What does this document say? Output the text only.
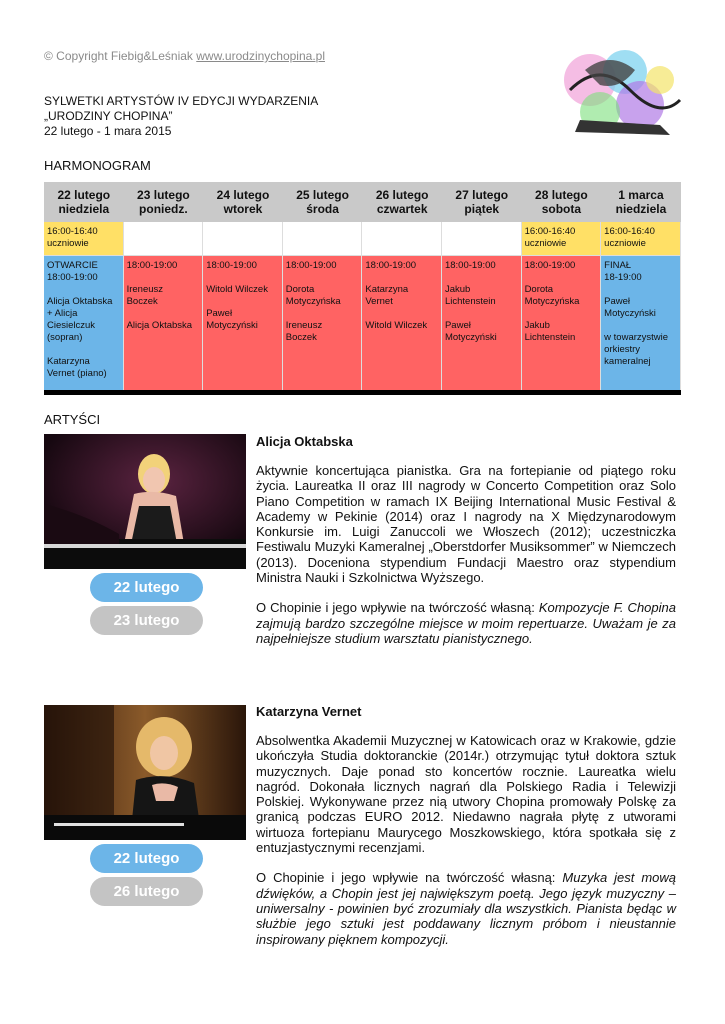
© Copyright Fiebig&Leśniak www.urodzinychopina.pl
SYLWETKI ARTYSTÓW IV EDYCJI WYDARZENIA
„URODZINY CHOPINA”
22 lutego - 1 mara 2015
HARMONOGRAM
22 lutego
niedziela
23 lutego
poniedz.
24 lutego
wtorek
25 lutego
środa
26 lutego
czwartek
27 lutego
piątek
28 lutego
sobota
1 marca
niedziela
16:00-16:40
uczniowie
16:00-16:40
uczniowie
16:00-16:40
uczniowie
OTWARCIE
18:00-19:00

Alicja Oktabska
+ Alicja
Ciesielczuk
(sopran)

Katarzyna
Vernet (piano)
18:00-19:00

Ireneusz
Boczek

Alicja Oktabska
18:00-19:00

Witold Wilczek

Paweł
Motyczyński
18:00-19:00

Dorota
Motyczyńska

Ireneusz
Boczek
18:00-19:00

Katarzyna
Vernet

Witold Wilczek
18:00-19:00

Jakub
Lichtenstein

Paweł
Motyczyński
18:00-19:00

Dorota
Motyczyńska

Jakub
Lichtenstein
FINAŁ
18-19:00

Paweł
Motyczyński

w towarzystwie
orkiestry
kameralnej
ARTYŚCI
22 lutego
23 lutego
Alicja Oktabska

Aktywnie koncertująca pianistka. Gra na fortepianie od piątego roku życia. Laureatka II oraz III nagrody w Concerto Competition oraz Solo Piano Competition w ramach IX Beijing International Music Festival & Academy w Pekinie (2014) oraz I nagrody na X Międzynarodowym Konkursie im. Luigi Zanuccoli we Włoszech (2012); uczestniczka Festiwalu Muzyki Kameralnej „Oberstdorfer Musiksommer” w Niemczech (2013). Doceniona stypendium Fundacji Maestro oraz stypendium Ministra Nauki i Szkolnictwa Wyższego.

O Chopinie i jego wpływie na twórczość własną: Kompozycje F. Chopina zajmują bardzo szczególne miejsce w moim repertuarze. Uważam je za najpełniejsze studium warsztatu pianistycznego.

22 lutego
26 lutego
Katarzyna Vernet

Absolwentka Akademii Muzycznej w Katowicach oraz w Krakowie, gdzie ukończyła Studia doktoranckie (2014r.) otrzymując tytuł doktora sztuk muzycznych. Daje ponad sto koncertów rocznie. Laureatka wielu nagród. Dokonała licznych nagrań dla Polskiego Radia i Telewizji Polskiej. Wykonywane przez nią utwory Chopina promowały Polskę za granicą podczas EURO 2012. Niedawno nagrała płytę z utworami wirtuoza fortepianu Maurycego Moszkowskiego, która spotkała się z entuzjastycznymi recenzjami.

O Chopinie i jego wpływie na twórczość własną: Muzyka jest mową dźwięków, a Chopin jest jej największym poetą. Jego język muzyczny – uniwersalny - powinien być zrozumiały dla wszystkich. Pianista będąc w służbie jego sztuki jest poddawany licznym próbom i nieustannie inspirowany pięknem kompozycji.
